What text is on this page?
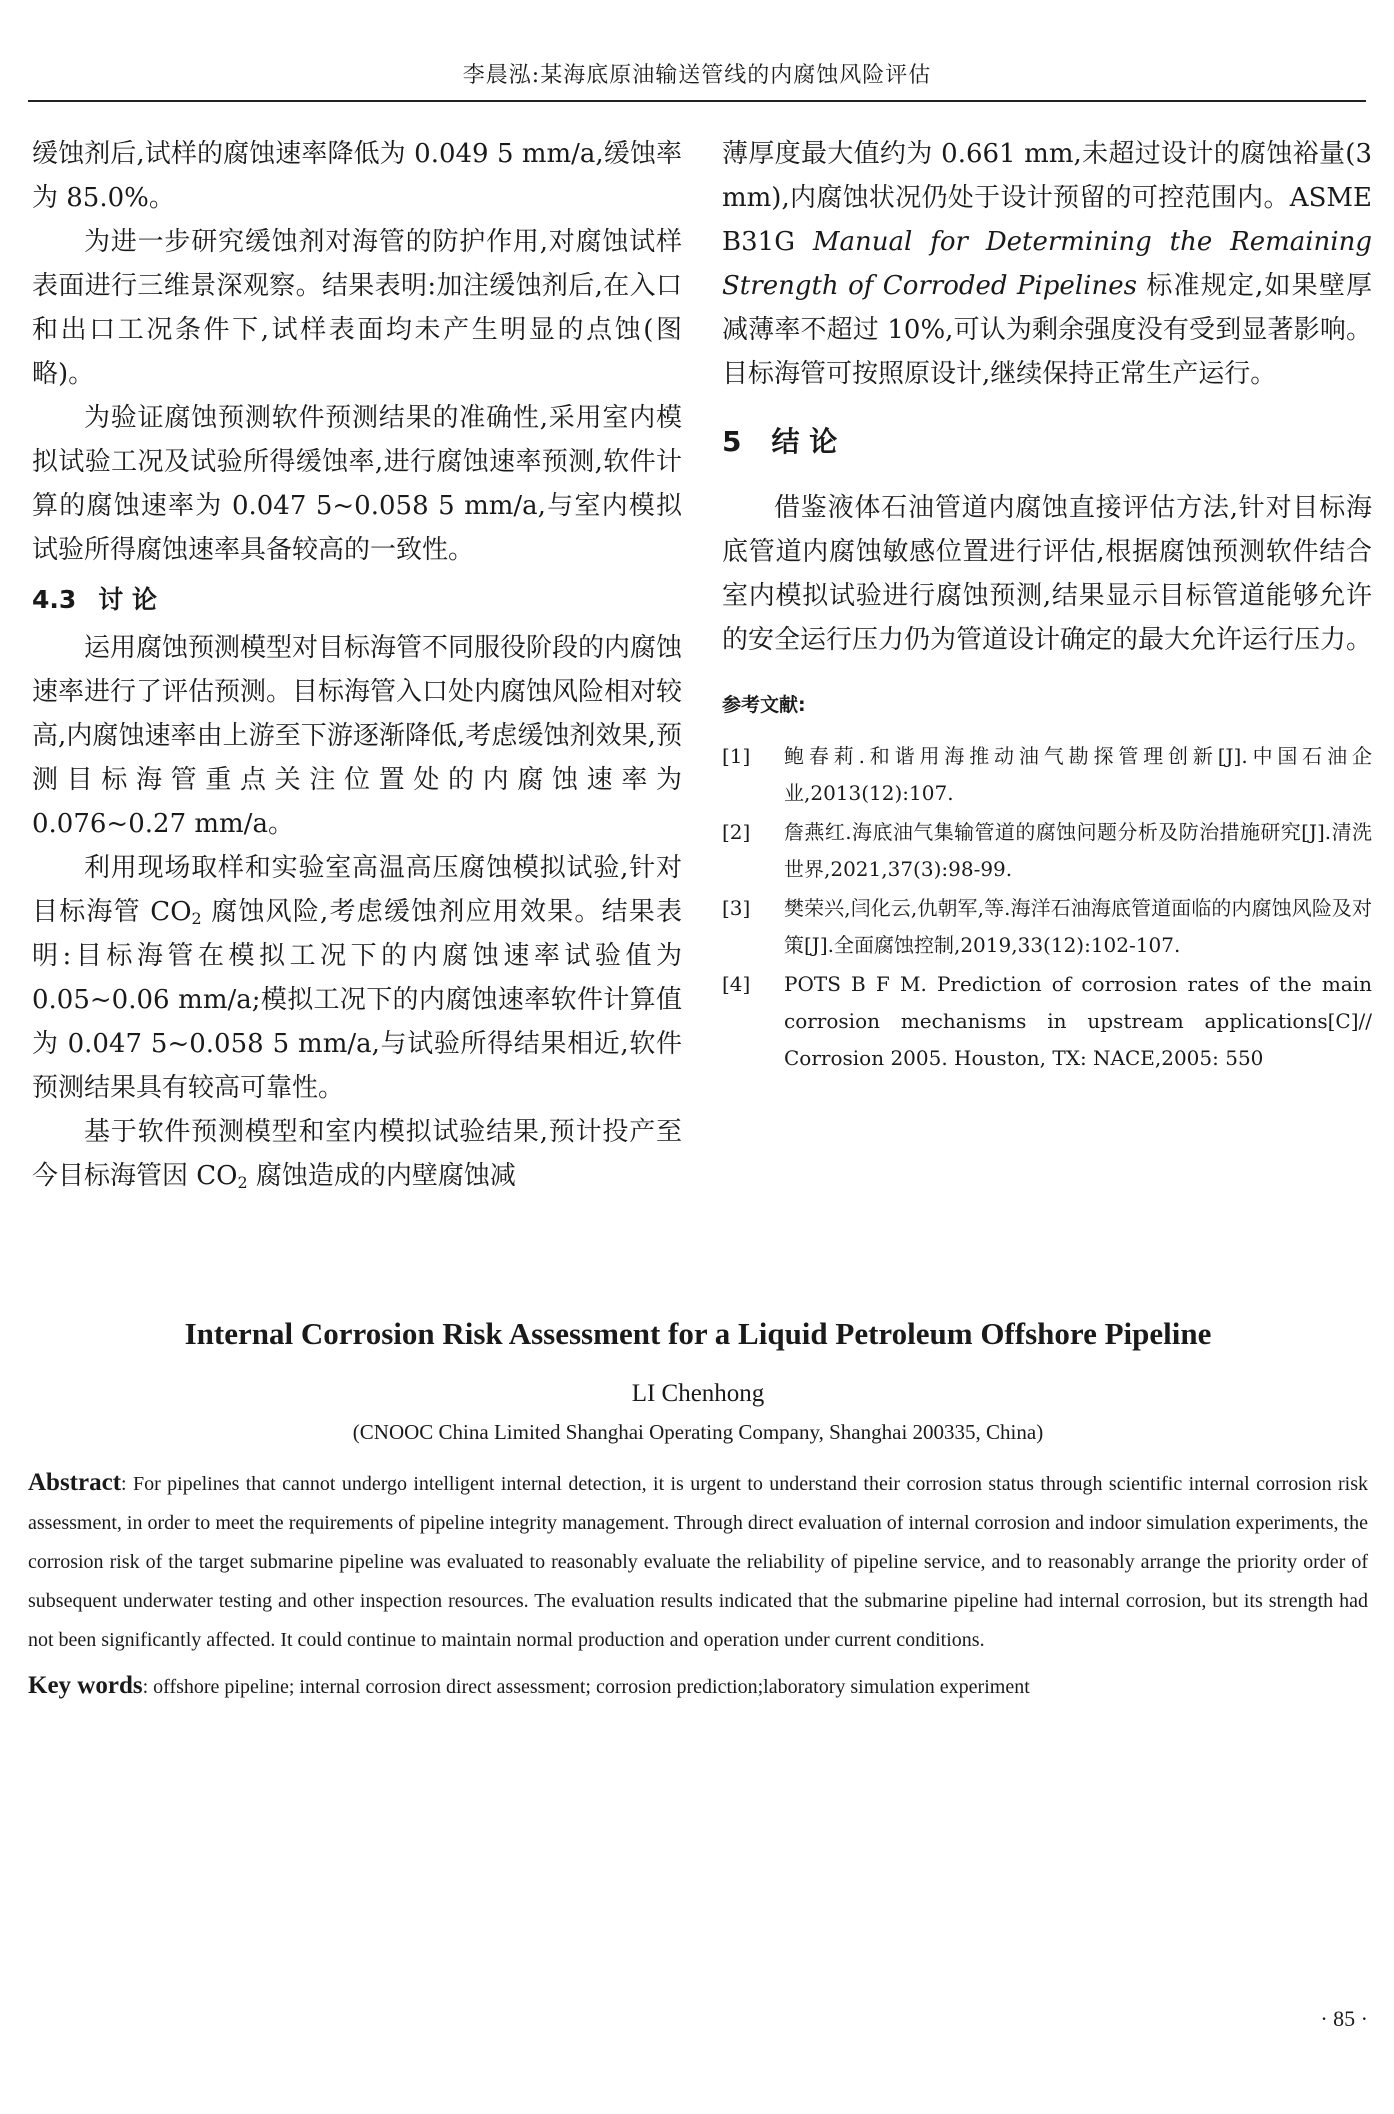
李晨泓:某海底原油输送管线的内腐蚀风险评估

缓蚀剂后,试样的腐蚀速率降低为 0.049 5 mm/a,缓蚀率为 85.0%。

为进一步研究缓蚀剂对海管的防护作用,对腐蚀试样表面进行三维景深观察。结果表明:加注缓蚀剂后,在入口和出口工况条件下,试样表面均未产生明显的点蚀(图略)。

为验证腐蚀预测软件预测结果的准确性,采用室内模拟试验工况及试验所得缓蚀率,进行腐蚀速率预测,软件计算的腐蚀速率为 0.047 5~0.058 5 mm/a,与室内模拟试验所得腐蚀速率具备较高的一致性。

4.3 讨 论

运用腐蚀预测模型对目标海管不同服役阶段的内腐蚀速率进行了评估预测。目标海管入口处内腐蚀风险相对较高,内腐蚀速率由上游至下游逐渐降低,考虑缓蚀剂效果,预测目标海管重点关注位置处的内腐蚀速率为 0.076~0.27 mm/a。

利用现场取样和实验室高温高压腐蚀模拟试验,针对目标海管 $CO_2$ 腐蚀风险,考虑缓蚀剂应用效果。结果表明:目标海管在模拟工况下的内腐蚀速率试验值为 0.05~0.06 mm/a;模拟工况下的内腐蚀速率软件计算值为 0.047 5~0.058 5 mm/a,与试验所得结果相近,软件预测结果具有较高可靠性。

基于软件预测模型和室内模拟试验结果,预计投产至今目标海管因 $CO_2$ 腐蚀造成的内壁腐蚀减

薄厚度最大值约为 0.661 mm,未超过设计的腐蚀裕量(3 mm),内腐蚀状况仍处于设计预留的可控范围内。ASME B31G Manual for Determining the Remaining Strength of Corroded Pipelines 标准规定,如果壁厚减薄率不超过 10%,可认为剩余强度没有受到显著影响。目标海管可按照原设计,继续保持正常生产运行。

5 结 论

借鉴液体石油管道内腐蚀直接评估方法,针对目标海底管道内腐蚀敏感位置进行评估,根据腐蚀预测软件结合室内模拟试验进行腐蚀预测,结果显示目标管道能够允许的安全运行压力仍为管道设计确定的最大允许运行压力。

参考文献:
[1]	鲍春莉.和谐用海推动油气勘探管理创新[J].中国石油企业,2013(12):107.
[2]	詹燕红.海底油气集输管道的腐蚀问题分析及防治措施研究[J].清洗世界,2021,37(3):98-99.
[3]	樊荣兴,闫化云,仇朝军,等.海洋石油海底管道面临的内腐蚀风险及对策[J].全面腐蚀控制,2019,33(12):102-107.
[4]	POTS B F M. Prediction of corrosion rates of the main corrosion mechanisms in upstream applications[C]// Corrosion 2005. Houston, TX: NACE,2005: 550
Internal Corrosion Risk Assessment for a Liquid Petroleum Offshore Pipeline
LI Chenhong
(CNOOC China Limited Shanghai Operating Company, Shanghai 200335, China)
Abstract: For pipelines that cannot undergo intelligent internal detection, it is urgent to understand their corrosion status through scientific internal corrosion risk assessment, in order to meet the requirements of pipeline integrity management. Through direct evaluation of internal corrosion and indoor simulation experiments, the corrosion risk of the target submarine pipeline was evaluated to reasonably evaluate the reliability of pipeline service, and to reasonably arrange the priority order of subsequent underwater testing and other inspection resources. The evaluation results indicated that the submarine pipeline had internal corrosion, but its strength had not been significantly affected. It could continue to maintain normal production and operation under current conditions.
Key words: offshore pipeline; internal corrosion direct assessment; corrosion prediction;laboratory simulation experiment
· 85 ·
